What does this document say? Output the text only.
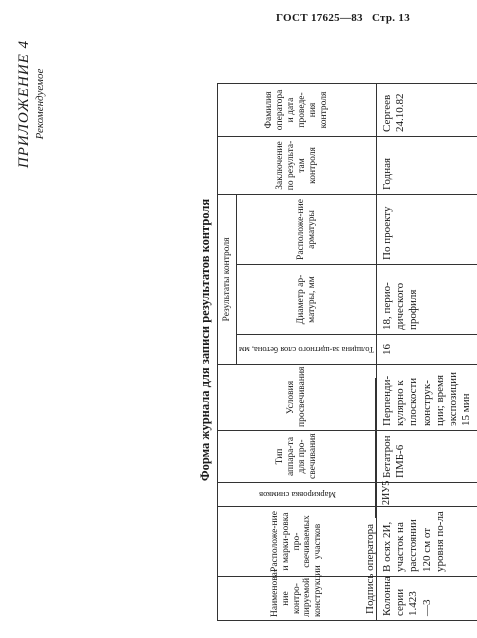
ГОСТ 17625—83 Стр. 13
ПРИЛОЖЕНИЕ 4 Рекомендуемое
Форма журнала для записи результатов контроля
Наименова-ние контро-лируемой конструкции	Расположе-ние и марки-ровка про-свечиваемых участков	Маркировка снимков	Тип аппара-та для про-свечивания	Условия просвечивания	Результаты контроля			Заключение по результа-там контроля	Фамилия оператора и дата проведе-ния контроля
					Толщина за-щитного слоя бетона, мм	Диаметр ар-матуры, мм	Расположе-ние арматуры		
Колонна серии 1.423—3	В осях 2И, участок на расстоянии 120 см от уровня по-ла	2ИУ5	Бетатрон ПМБ-6	Перпенди-кулярно к плоскости конструк-ции; время экспозиции 15 мин	16	18, перио-дического профиля	По проекту	Годная	Сергеев 24.10.82
Подпись оператора
